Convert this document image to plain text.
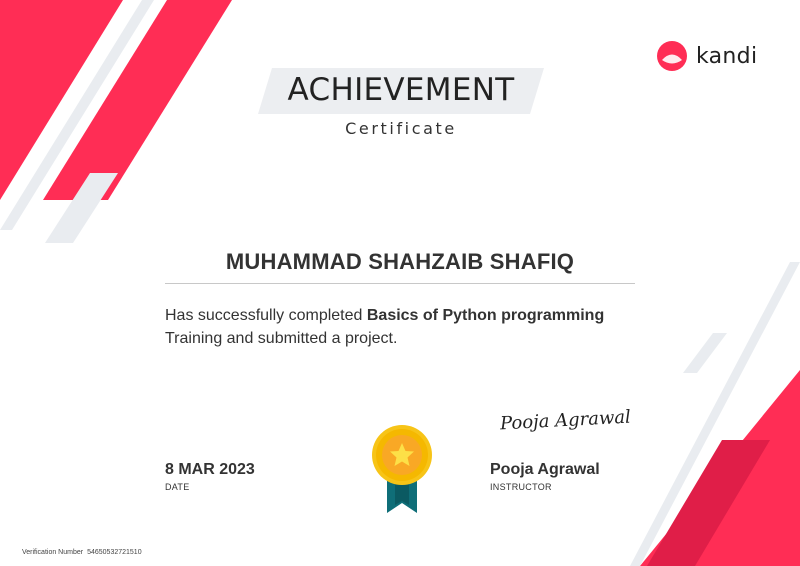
kandi
ACHIEVEMENT
Certificate
MUHAMMAD SHAHZAIB SHAFIQ
Has successfully completed Basics of Python programming
Training and submitted a project.
8 MAR 2023
DATE
Pooja Agrawal
Pooja Agrawal
INSTRUCTOR
Verification Number 54650532721510
